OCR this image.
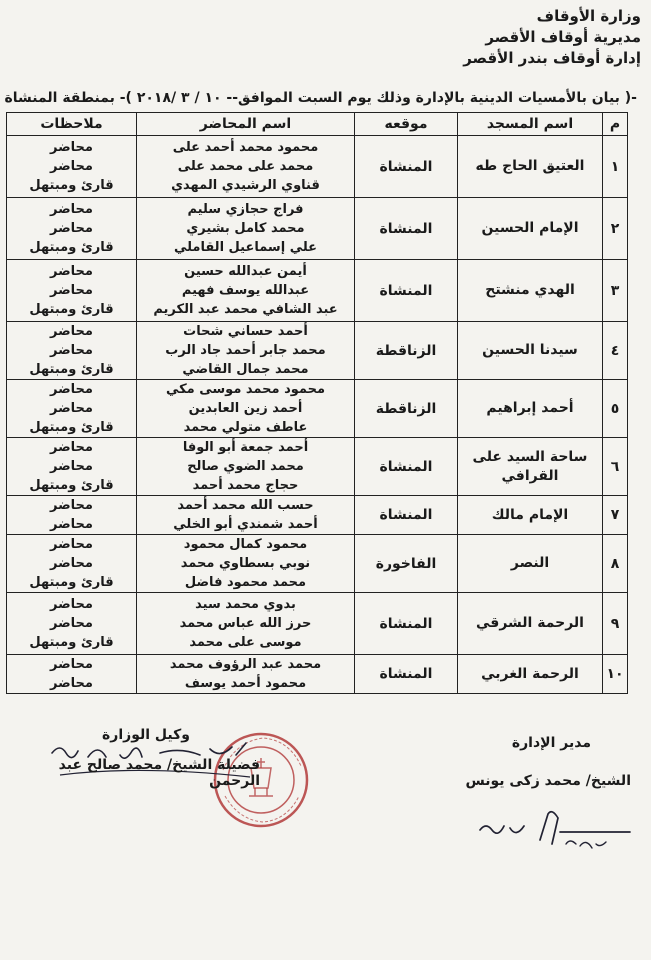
وزارة الأوقاف
مديرية أوقاف الأقصر
إدارة أوقاف بندر الأقصر
-( بيان بالأمسيات الدينية بالإدارة وذلك يوم السبت الموافق-- ١٠ / ٣ /٢٠١٨ )- بمنطقة المنشاة
م	اسم المسجد	موقعه	اسم المحاضر	ملاحظات
١	العتيق الحاج طه	المنشاة	محمود محمد أحمد على
محمد على محمد على
قناوي الرشيدي المهدي	محاضر
محاضر
قارئ ومبتهل

٢	الإمام الحسين	المنشاة	فراج حجازي سليم
محمد كامل بشيري
علي إسماعيل القاملي	محاضر
محاضر
قارئ ومبتهل

٣	الهدي منشتح	المنشاة	أيمن عبدالله حسين
عبدالله يوسف فهيم
عبد الشافي محمد عبد الكريم	محاضر
محاضر
قارئ ومبتهل

٤	سيدنا الحسين	الزناقطة	أحمد حساني شحات
محمد جابر أحمد جاد الرب
محمد جمال القاضي	محاضر
محاضر
قارئ ومبتهل

٥	أحمد إبراهيم	الزناقطة	محمود محمد موسى مكي
أحمد زين العابدين
عاطف متولي محمد	محاضر
محاضر
قارئ ومبتهل

٦	ساحة السيد على القرافي	المنشاة	أحمد جمعة أبو الوفا
محمد الضوي صالح
حجاج محمد أحمد	محاضر
محاضر
قارئ ومبتهل

٧	الإمام مالك	المنشاة	حسب الله محمد أحمد
أحمد شمندي أبو الخلي	محاضر
محاضر

٨	النصر	الفاخورة	محمود كمال محمود
نوبي بسطاوي محمد
محمد محمود فاضل	محاضر
محاضر
قارئ ومبتهل

٩	الرحمة الشرقي	المنشاة	بدوي محمد سيد
حرز الله عباس محمد
موسى على محمد	محاضر
محاضر
قارئ ومبتهل

١٠	الرحمة الغربي	المنشاة	محمد عبد الرؤوف محمد
محمود أحمد يوسف	محاضر
محاضر
وكيل الوزارة
فضيلة الشيخ/ محمد صالح عبد الرحمن
مدير الإدارة
الشيخ/ محمد زكى يونس
